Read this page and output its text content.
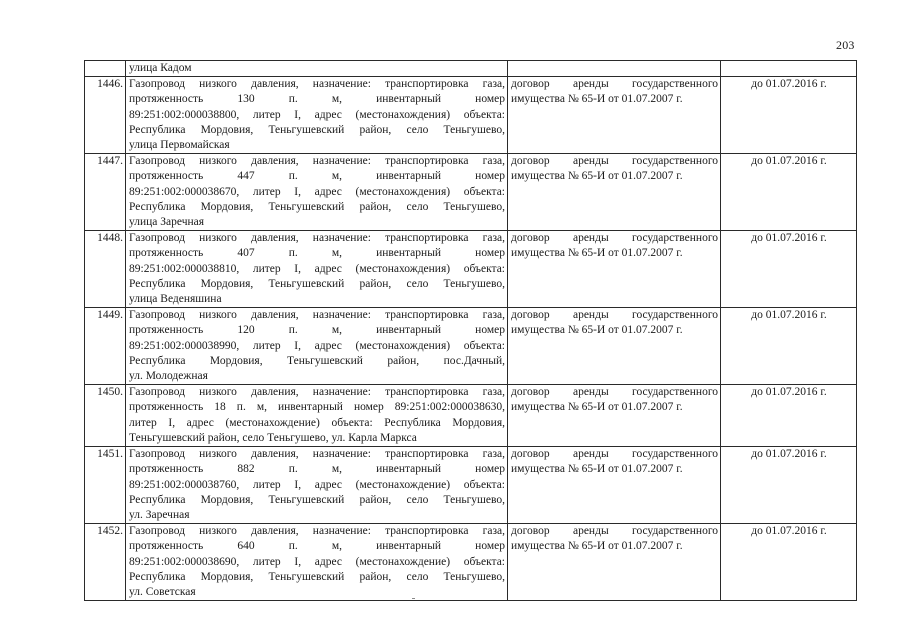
203

	улица Кадом		

1446.	Газопровод низкого давления, назначение: транспортировка газа,
протяженность 130 п. м, инвентарный номер
89:251:002:000038800, литер I, адрес (местонахождения) объекта:
Республика Мордовия, Теньгушевский район, село Теньгушево,
улица Первомайская	договор аренды государственного
имущества № 65-И от 01.07.2007 г.	до 01.07.2016 г.
1447.	Газопровод низкого давления, назначение: транспортировка газа,
протяженность 447 п. м, инвентарный номер
89:251:002:000038670, литер I, адрес (местонахождения) объекта:
Республика Мордовия, Теньгушевский район, село Теньгушево,
улица Заречная	договор аренды государственного
имущества № 65-И от 01.07.2007 г.	до 01.07.2016 г.
1448.	Газопровод низкого давления, назначение: транспортировка газа,
протяженность 407 п. м, инвентарный номер
89:251:002:000038810, литер I, адрес (местонахождения) объекта:
Республика Мордовия, Теньгушевский район, село Теньгушево,
улица Веденяшина	договор аренды государственного
имущества № 65-И от 01.07.2007 г.	до 01.07.2016 г.
1449.	Газопровод низкого давления, назначение: транспортировка газа,
протяженность 120 п. м, инвентарный номер
89:251:002:000038990, литер I, адрес (местонахождения) объекта:
Республика Мордовия, Теньгушевский район, пос.Дачный,
ул. Молодежная	договор аренды государственного
имущества № 65-И от 01.07.2007 г.	до 01.07.2016 г.
1450.	Газопровод низкого давления, назначение: транспортировка газа,
протяженность 18 п. м, инвентарный номер 89:251:002:000038630,
литер I, адрес (местонахождение) объекта: Республика Мордовия,
Теньгушевский район, село Теньгушево, ул. Карла Маркса	договор аренды государственного
имущества № 65-И от 01.07.2007 г.	до 01.07.2016 г.
1451.	Газопровод низкого давления, назначение: транспортировка газа,
протяженность 882 п. м, инвентарный номер
89:251:002:000038760, литер I, адрес (местонахождение) объекта:
Республика Мордовия, Теньгушевский район, село Теньгушево,
ул. Заречная	договор аренды государственного
имущества № 65-И от 01.07.2007 г.	до 01.07.2016 г.
1452.	Газопровод низкого давления, назначение: транспортировка газа,
протяженность 640 п. м, инвентарный номер
89:251:002:000038690, литер I, адрес (местонахождение) объекта:
Республика Мордовия, Теньгушевский район, село Теньгушево,
ул. Советская	договор аренды государственного
имущества № 65-И от 01.07.2007 г.	до 01.07.2016 г.
